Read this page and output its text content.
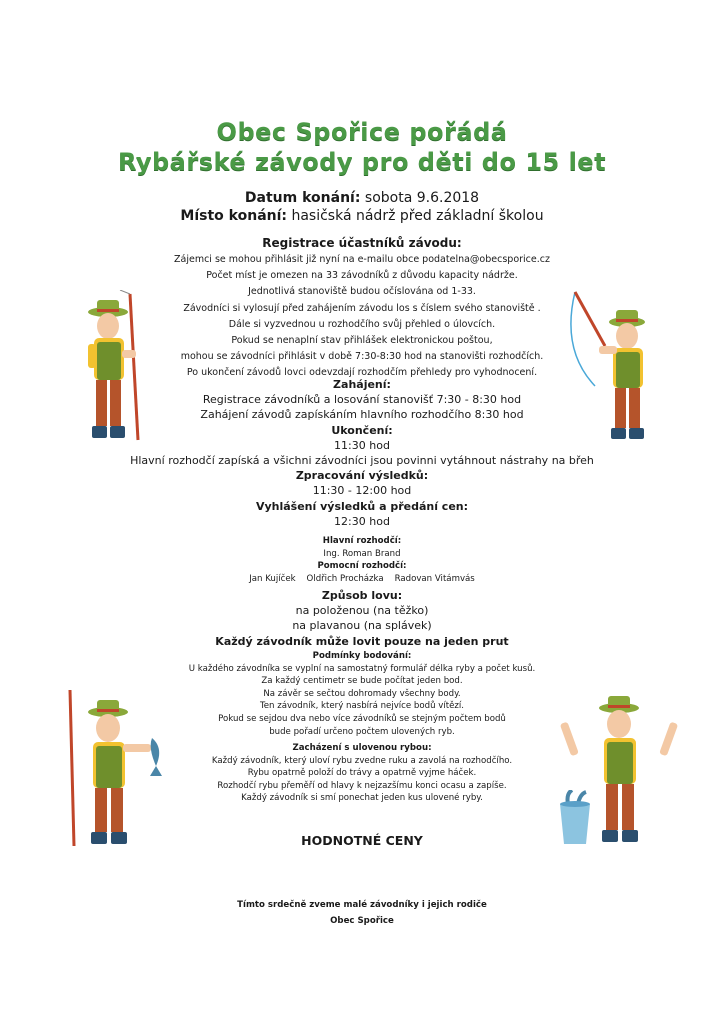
Obec Spořice pořádá
Rybářské závody pro děti do 15 let
Datum konání: sobota 9.6.2018
Místo konání: hasičská nádrž před základní školou
Registrace účastníků závodu:
Zájemci se mohou přihlásit již nyní na e-mailu obce podatelna@obecsporice.cz
Počet míst je omezen na 33 závodníků z důvodu kapacity nádrže.
Jednotlivá stanoviště budou očíslována od 1-33.
Závodníci si vylosují před zahájením závodu los s číslem svého stanoviště .
Dále si vyzvednou u rozhodčího svůj přehled o úlovcích.
Pokud se nenaplní stav přihlášek elektronickou poštou,
mohou se závodníci přihlásit v době 7:30-8:30 hod na stanovišti rozhodčích.
Po ukončení závodů lovci odevzdají rozhodčím přehledy pro vyhodnocení.
Zahájení:
Registrace závodníků a losování stanovišť 7:30 - 8:30 hod
Zahájení závodů zapískáním hlavního rozhodčího 8:30 hod
Ukončení:
11:30 hod
Hlavní rozhodčí zapíská a všichni závodníci jsou povinni vytáhnout nástrahy na břeh
Zpracování výsledků:
11:30 - 12:00 hod
Vyhlášení výsledků a předání cen:
12:30 hod
Hlavní rozhodčí:
Ing. Roman Brand
Pomocní rozhodčí:
Jan Kujíček    Oldřich Procházka    Radovan Vitámvás
Způsob lovu:
na položenou (na těžko)
na plavanou (na splávek)
Každý závodník může lovit pouze na jeden prut
Podmínky bodování:
U každého závodníka se vyplní na samostatný formulář délka ryby a počet kusů.
Za každý centimetr se bude počítat jeden bod.
Na závěr se sečtou dohromady všechny body.
Ten závodník, který nasbírá nejvíce bodů vítězí.
Pokud se sejdou dva nebo více závodníků se stejným počtem bodů
bude pořadí určeno počtem ulovených ryb.
Zacházení s ulovenou rybou:
Každý závodník, který uloví rybu zvedne ruku a zavolá na rozhodčího.
Rybu opatrně položí do trávy a opatrně vyjme háček.
Rozhodčí rybu přeměří od hlavy k nejzazšímu konci ocasu a zapíše.
Každý závodník si smí ponechat jeden kus ulovené ryby.
HODNOTNÉ CENY
Tímto srdečně zveme malé závodníky i jejich rodiče
Obec Spořice
